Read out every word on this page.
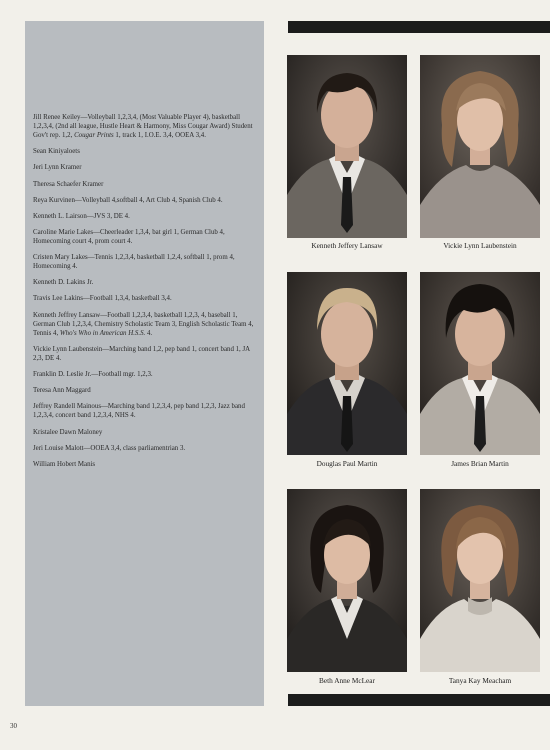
Jill Renee Keiley—Volleyball 1,2,3,4, (Most Valuable Player 4), basketball 1,2,3,4, (2nd all league, Hustle Heart & Harmony, Miss Cougar Award) Student Gov't rep. 1,2, Cougar Prints 1, track 1, I.O.E. 3,4, OOEA 3,4.

Sean Kiniyaloets

Jeri Lynn Kramer

Theresa Schaefer Kramer

Reya Kurvinen—Volleyball 4,softball 4, Art Club 4, Spanish Club 4.

Kenneth L. Lairson—JVS 3, DE 4.

Caroline Marie Lakes—Cheerleader 1,3,4, bat girl 1, German Club 4, Homecoming court 4, prom court 4.

Cristen Mary Lakes—Tennis 1,2,3,4, basketball 1,2,4, softball 1, prom 4, Homecoming 4.

Kenneth D. Lakins Jr.

Travis Lee Lakins—Football 1,3,4, basketball 3,4.

Kenneth Jeffrey Lansaw—Football 1,2,3,4, basketball 1,2,3, 4, baseball 1, German Club 1,2,3,4, Chemistry Scholastic Team 3, English Scholastic Team 4, Tennis 4, Who's Who in American H.S.S. 4.

Vickie Lynn Laubenstein—Marching band 1,2, pep band 1, concert band 1, JA 2,3, DE 4.

Franklin D. Leslie Jr.—Football mgr. 1,2,3.

Teresa Ann Maggard

Jeffrey Randell Mainous—Marching band 1,2,3,4, pep band 1,2,3, Jazz band 1,2,3,4, concert band 1,2,3,4, NHS 4.

Kristalee Dawn Maloney

Jeri Louise Malott—OOEA 3,4, class parliamentrian 3.

William Hobert Manis

Kenneth Jeffery Lansaw	Vickie Lynn Laubenstein
Douglas Paul Martin	James Brian Martin
Beth Anne McLear	Tanya Kay Meacham
30
